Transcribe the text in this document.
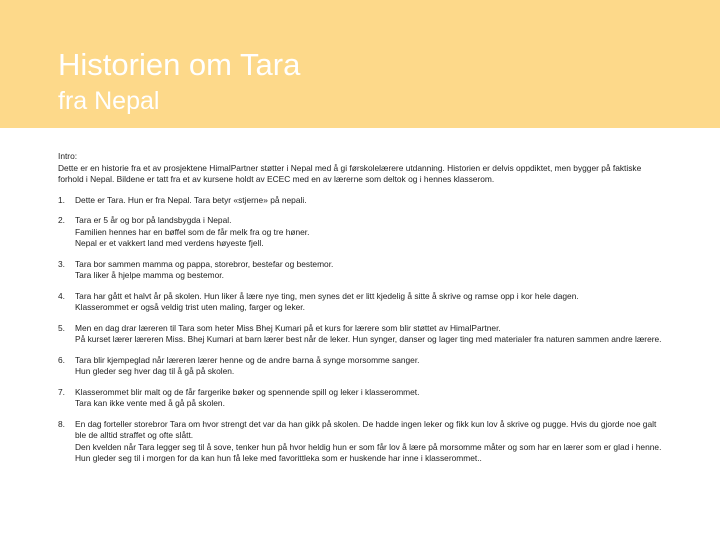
Historien om Tara
fra Nepal

Intro:

Dette er en historie fra et av prosjektene HimalPartner støtter i Nepal med å gi førskolelærere utdanning. Historien er delvis oppdiktet, men bygger på faktiske forhold i Nepal. Bildene er tatt fra et av kursene holdt av ECEC med en av lærerne som deltok og i hennes klasserom.

1.	Dette er Tara. Hun er fra Nepal. Tara betyr «stjerne» på nepali.
2.	Tara er 5 år og bor på landsbygda i Nepal.
Familien hennes har en bøffel som de får melk fra og tre høner.
Nepal er et vakkert land med verdens høyeste fjell.
3.	Tara bor sammen mamma og pappa, storebror, bestefar og bestemor.
Tara liker å hjelpe mamma og bestemor.
4.	Tara har gått et halvt år på skolen. Hun liker å lære nye ting, men synes det er litt kjedelig å sitte å skrive og ramse opp i kor hele dagen.
Klasserommet er også veldig trist uten maling, farger og leker.
5.	Men en dag drar læreren til Tara som heter Miss Bhej Kumari på et kurs for lærere som blir støttet av HimalPartner.
På kurset lærer læreren Miss. Bhej Kumari at barn lærer best når de leker. Hun synger, danser og lager ting med materialer fra naturen sammen andre lærere.
6.	Tara blir kjempeglad når læreren lærer henne og de andre barna å synge morsomme sanger.
Hun gleder seg hver dag til å gå på skolen.
7.	Klasserommet blir malt og de får fargerike bøker og spennende spill og leker i klasserommet.
Tara kan ikke vente med å gå på skolen.
8.	En dag forteller storebror Tara om hvor strengt det var da han gikk på skolen. De hadde ingen leker og fikk kun lov å skrive og pugge. Hvis du gjorde noe galt ble de alltid straffet og ofte slått.
Den kvelden når Tara legger seg til å sove, tenker hun på hvor heldig hun er som får lov å lære på morsomme måter og som har en lærer som er glad i henne. Hun gleder seg til i morgen for da kan hun få leke med favorittleka som er huskende har inne i klasserommet..
